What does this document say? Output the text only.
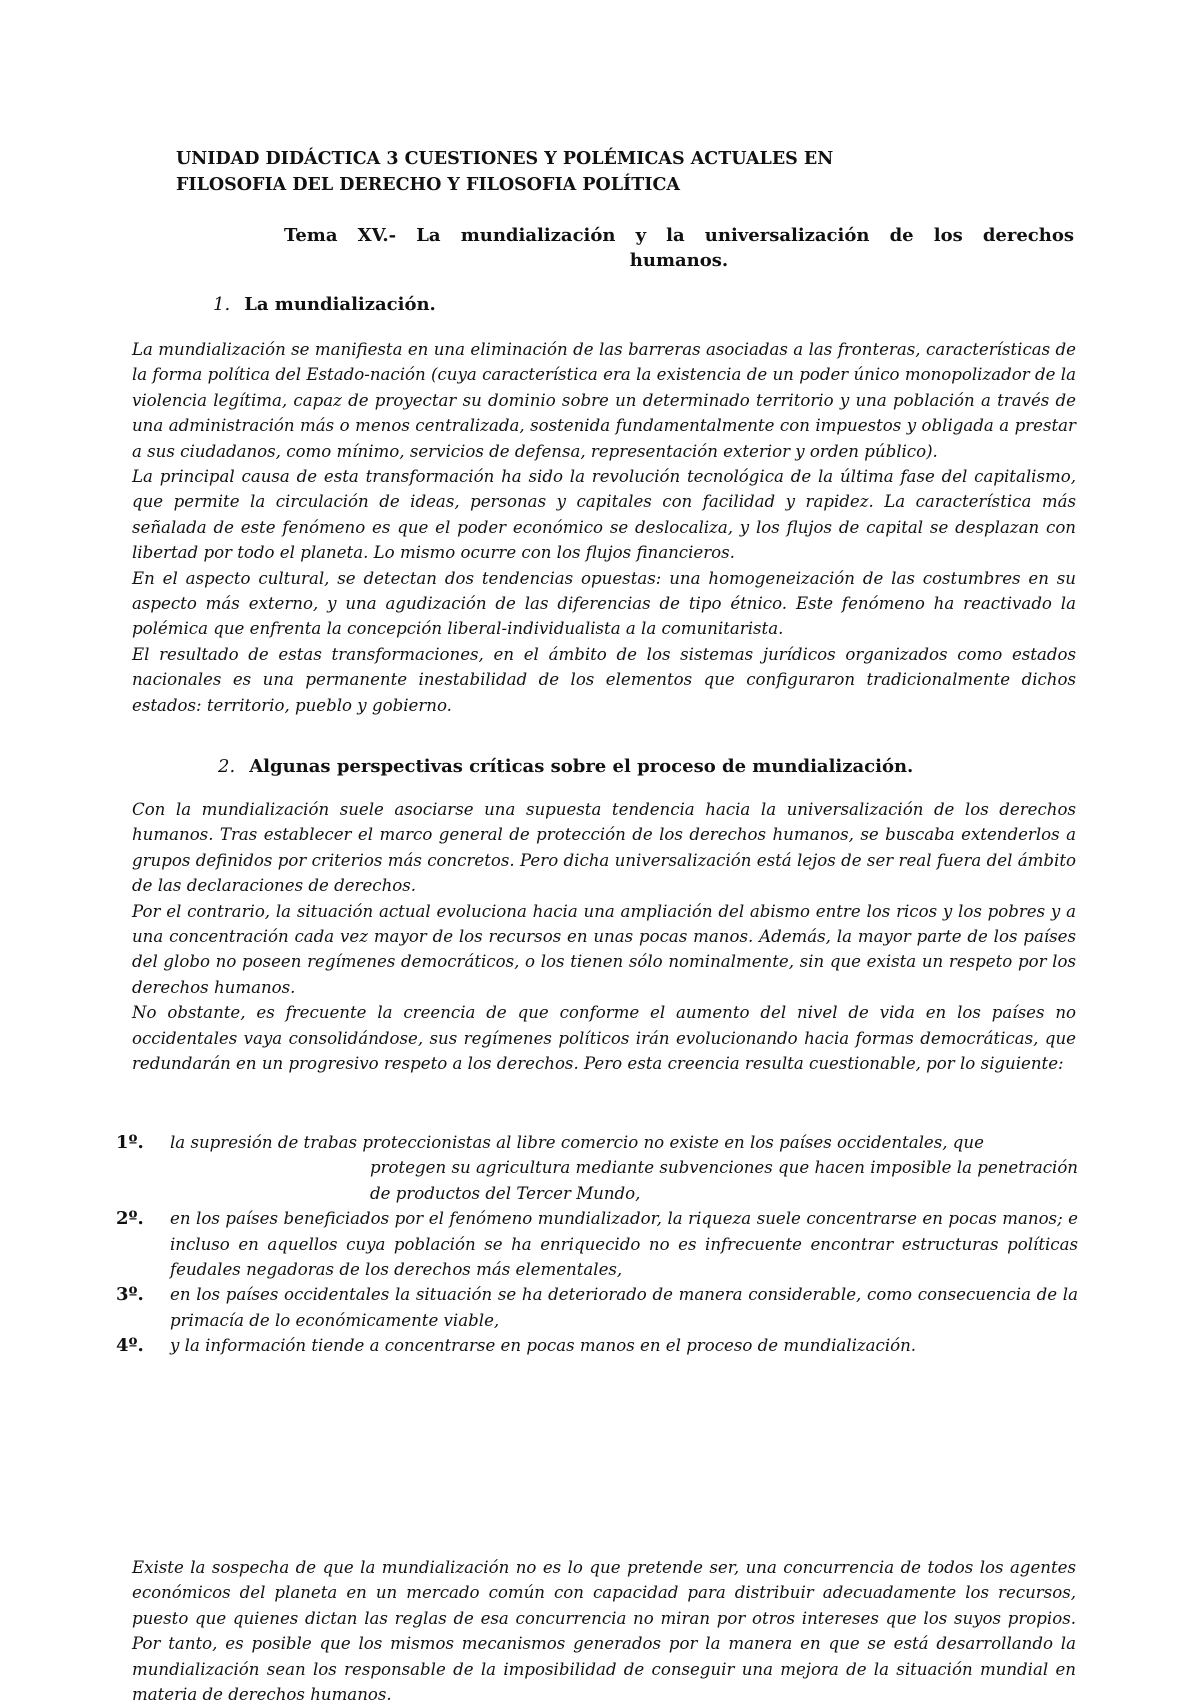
UNIDAD DIDÁCTICA 3 CUESTIONES Y POLÉMICAS ACTUALES EN
FILOSOFIA DEL DERECHO Y FILOSOFIA POLÍTICA
Tema XV.- La mundialización y la universalización de los derechos
humanos.
1. La mundialización.

La mundialización se manifiesta en una eliminación de las barreras asociadas a las fronteras, características de la forma política del Estado-nación (cuya característica era la existencia de un poder único monopolizador de la violencia legítima, capaz de proyectar su dominio sobre un determinado territorio y una población a través de una administración más o menos centralizada, sostenida fundamentalmente con impuestos y obligada a prestar a sus ciudadanos, como mínimo, servicios de defensa, representación exterior y orden público).

La principal causa de esta transformación ha sido la revolución tecnológica de la última fase del capitalismo, que permite la circulación de ideas, personas y capitales con facilidad y rapidez. La característica más señalada de este fenómeno es que el poder económico se deslocaliza, y los flujos de capital se desplazan con libertad por todo el planeta. Lo mismo ocurre con los flujos financieros.

En el aspecto cultural, se detectan dos tendencias opuestas: una homogeneización de las costumbres en su aspecto más externo, y una agudización de las diferencias de tipo étnico. Este fenómeno ha reactivado la polémica que enfrenta la concepción liberal-individualista a la comunitarista.

El resultado de estas transformaciones, en el ámbito de los sistemas jurídicos organizados como estados nacionales es una permanente inestabilidad de los elementos que configuraron tradicionalmente dichos estados: territorio, pueblo y gobierno.

2. Algunas perspectivas críticas sobre el proceso de mundialización.

Con la mundialización suele asociarse una supuesta tendencia hacia la universalización de los derechos humanos. Tras establecer el marco general de protección de los derechos humanos, se buscaba extenderlos a grupos definidos por criterios más concretos. Pero dicha universalización está lejos de ser real fuera del ámbito de las declaraciones de derechos.

Por el contrario, la situación actual evoluciona hacia una ampliación del abismo entre los ricos y los pobres y a una concentración cada vez mayor de los recursos en unas pocas manos. Además, la mayor parte de los países del globo no poseen regímenes democráticos, o los tienen sólo nominalmente, sin que exista un respeto por los derechos humanos.

No obstante, es frecuente la creencia de que conforme el aumento del nivel de vida en los países no occidentales vaya consolidándose, sus regímenes políticos irán evolucionando hacia formas democráticas, que redundarán en un progresivo respeto a los derechos. Pero esta creencia resulta cuestionable, por lo siguiente:

1º. la supresión de trabas proteccionistas al libre comercio no existe en los países occidentales, que
protegen su agricultura mediante subvenciones que hacen imposible la penetración de productos del Tercer Mundo,
2º. en los países beneficiados por el fenómeno mundializador, la riqueza suele concentrarse en pocas manos; e incluso en aquellos cuya población se ha enriquecido no es infrecuente encontrar estructuras políticas feudales negadoras de los derechos más elementales,
3º. en los países occidentales la situación se ha deteriorado de manera considerable, como consecuencia de la primacía de lo económicamente viable,
4º. y la información tiende a concentrarse en pocas manos en el proceso de mundialización.

Existe la sospecha de que la mundialización no es lo que pretende ser, una concurrencia de todos los agentes económicos del planeta en un mercado común con capacidad para distribuir adecuadamente los recursos, puesto que quienes dictan las reglas de esa concurrencia no miran por otros intereses que los suyos propios. Por tanto, es posible que los mismos mecanismos generados por la manera en que se está desarrollando la mundialización sean los responsable de la imposibilidad de conseguir una mejora de la situación mundial en materia de derechos humanos.
